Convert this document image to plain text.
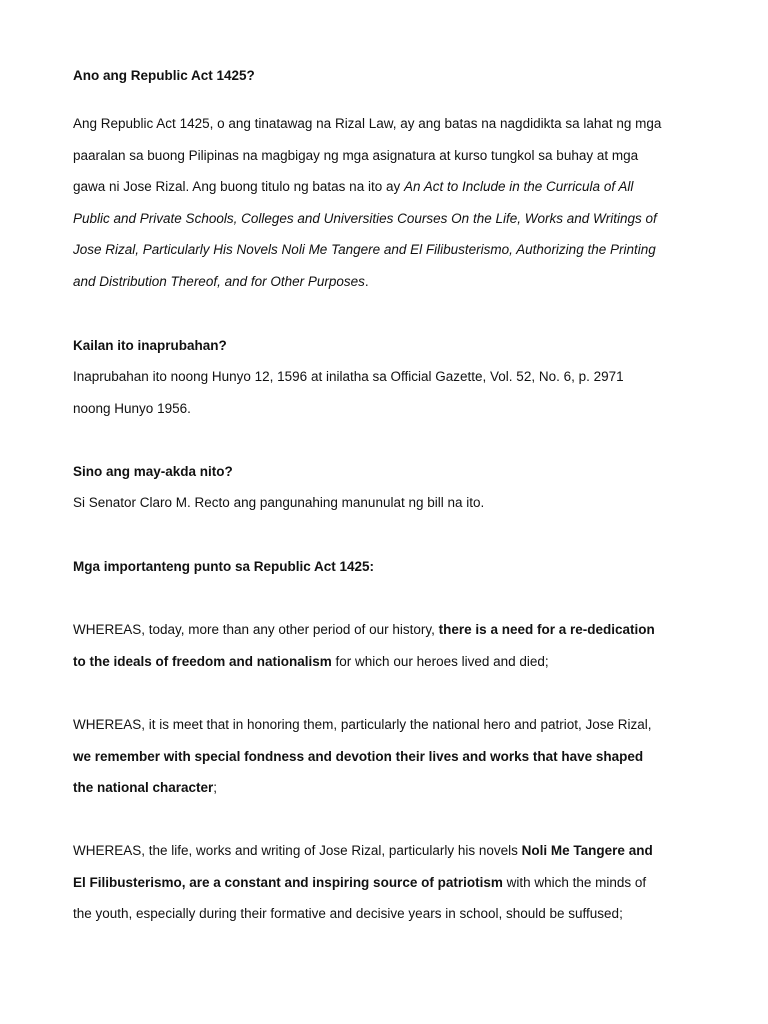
Ano ang Republic Act 1425?
Ang Republic Act 1425, o ang tinatawag na Rizal Law, ay ang batas na nagdidikta sa lahat ng mga
paaralan sa buong Pilipinas na magbigay ng mga asignatura at kurso tungkol sa buhay at mga
gawa ni Jose Rizal. Ang buong titulo ng batas na ito ay An Act to Include in the Curricula of All
Public and Private Schools, Colleges and Universities Courses On the Life, Works and Writings of
Jose Rizal, Particularly His Novels Noli Me Tangere and El Filibusterismo, Authorizing the Printing
and Distribution Thereof, and for Other Purposes.
Kailan ito inaprubahan?
Inaprubahan ito noong Hunyo 12, 1596 at inilatha sa Official Gazette, Vol. 52, No. 6, p. 2971
noong Hunyo 1956.
Sino ang may-akda nito?
Si Senator Claro M. Recto ang pangunahing manunulat ng bill na ito.
Mga importanteng punto sa Republic Act 1425:
WHEREAS, today, more than any other period of our history, there is a need for a re-dedication
to the ideals of freedom and nationalism for which our heroes lived and died;
WHEREAS, it is meet that in honoring them, particularly the national hero and patriot, Jose Rizal,
we remember with special fondness and devotion their lives and works that have shaped
the national character;
WHEREAS, the life, works and writing of Jose Rizal, particularly his novels Noli Me Tangere and
El Filibusterismo, are a constant and inspiring source of patriotism with which the minds of
the youth, especially during their formative and decisive years in school, should be suffused;
